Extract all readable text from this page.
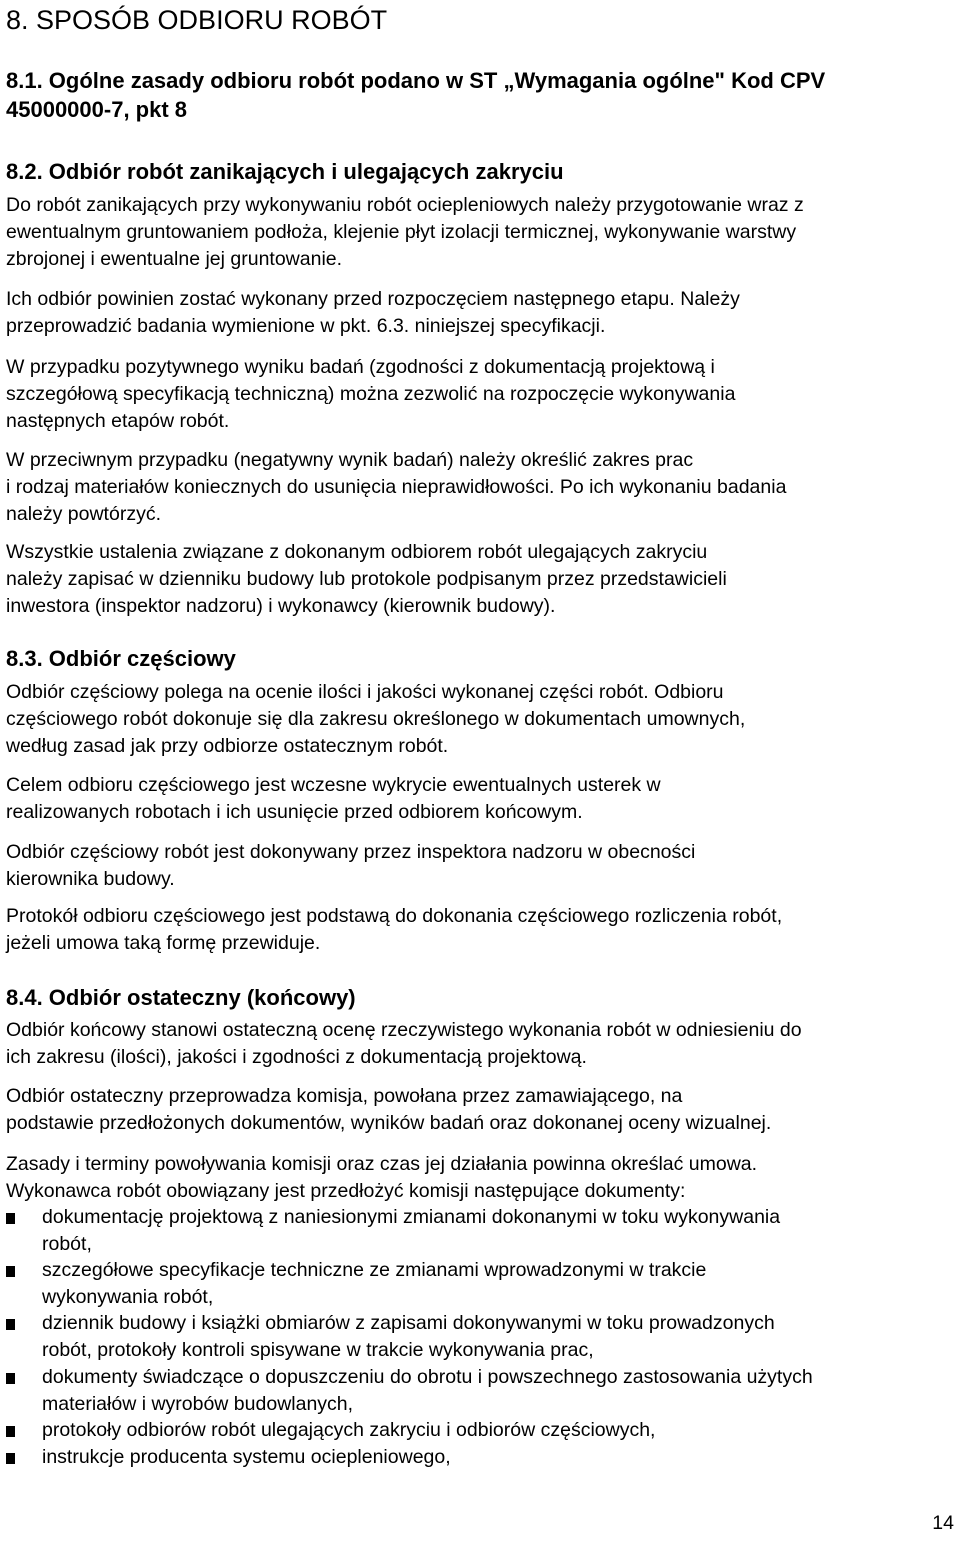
8. SPOSÓB ODBIORU ROBÓT
8.1. Ogólne zasady odbioru robót podano w ST „Wymagania ogólne" Kod CPV
45000000-7, pkt 8
8.2. Odbiór robót zanikających i ulegających zakryciu
Do robót zanikających przy wykonywaniu robót ociepleniowych należy przygotowanie wraz z
ewentualnym gruntowaniem podłoża, klejenie płyt izolacji termicznej, wykonywanie warstwy
zbrojonej i ewentualne jej gruntowanie.
Ich odbiór powinien zostać wykonany przed rozpoczęciem następnego etapu. Należy
przeprowadzić badania wymienione w pkt. 6.3. niniejszej specyfikacji.
W przypadku pozytywnego wyniku badań (zgodności z dokumentacją projektową i
szczegółową specyfikacją techniczną) można zezwolić na rozpoczęcie wykonywania
następnych etapów robót.
W przeciwnym przypadku (negatywny wynik badań) należy określić zakres prac
i rodzaj materiałów koniecznych do usunięcia nieprawidłowości. Po ich wykonaniu badania
należy powtórzyć.
Wszystkie ustalenia związane z dokonanym odbiorem robót ulegających zakryciu
należy zapisać w dzienniku budowy lub protokole podpisanym przez przedstawicieli
inwestora (inspektor nadzoru) i wykonawcy (kierownik budowy).
8.3. Odbiór częściowy
Odbiór częściowy polega na ocenie ilości i jakości wykonanej części robót. Odbioru
częściowego robót dokonuje się dla zakresu określonego w dokumentach umownych,
według zasad jak przy odbiorze ostatecznym robót.
Celem odbioru częściowego jest wczesne wykrycie ewentualnych usterek w
realizowanych robotach i ich usunięcie przed odbiorem końcowym.
Odbiór częściowy robót jest dokonywany przez inspektora nadzoru w obecności
kierownika budowy.
Protokół odbioru częściowego jest podstawą do dokonania częściowego rozliczenia robót,
jeżeli umowa taką formę przewiduje.
8.4. Odbiór ostateczny (końcowy)
Odbiór końcowy stanowi ostateczną ocenę rzeczywistego wykonania robót w odniesieniu do
ich zakresu (ilości), jakości i zgodności z dokumentacją projektową.
Odbiór ostateczny przeprowadza komisja, powołana przez zamawiającego, na
podstawie przedłożonych dokumentów, wyników badań oraz dokonanej oceny wizualnej.
Zasady i terminy powoływania komisji oraz czas jej działania powinna określać umowa.
Wykonawca robót obowiązany jest przedłożyć komisji następujące dokumenty:
dokumentację projektową z naniesionymi zmianami dokonanymi w toku wykonywania
robót,
szczegółowe specyfikacje techniczne ze zmianami wprowadzonymi w trakcie
wykonywania robót,
dziennik budowy i książki obmiarów z zapisami dokonywanymi w toku prowadzonych
robót, protokoły kontroli spisywane w trakcie wykonywania prac,
dokumenty świadczące o dopuszczeniu do obrotu i powszechnego zastosowania użytych
materiałów i wyrobów budowlanych,
protokoły odbiorów robót ulegających zakryciu i odbiorów częściowych,
instrukcje producenta systemu ociepleniowego,
14
